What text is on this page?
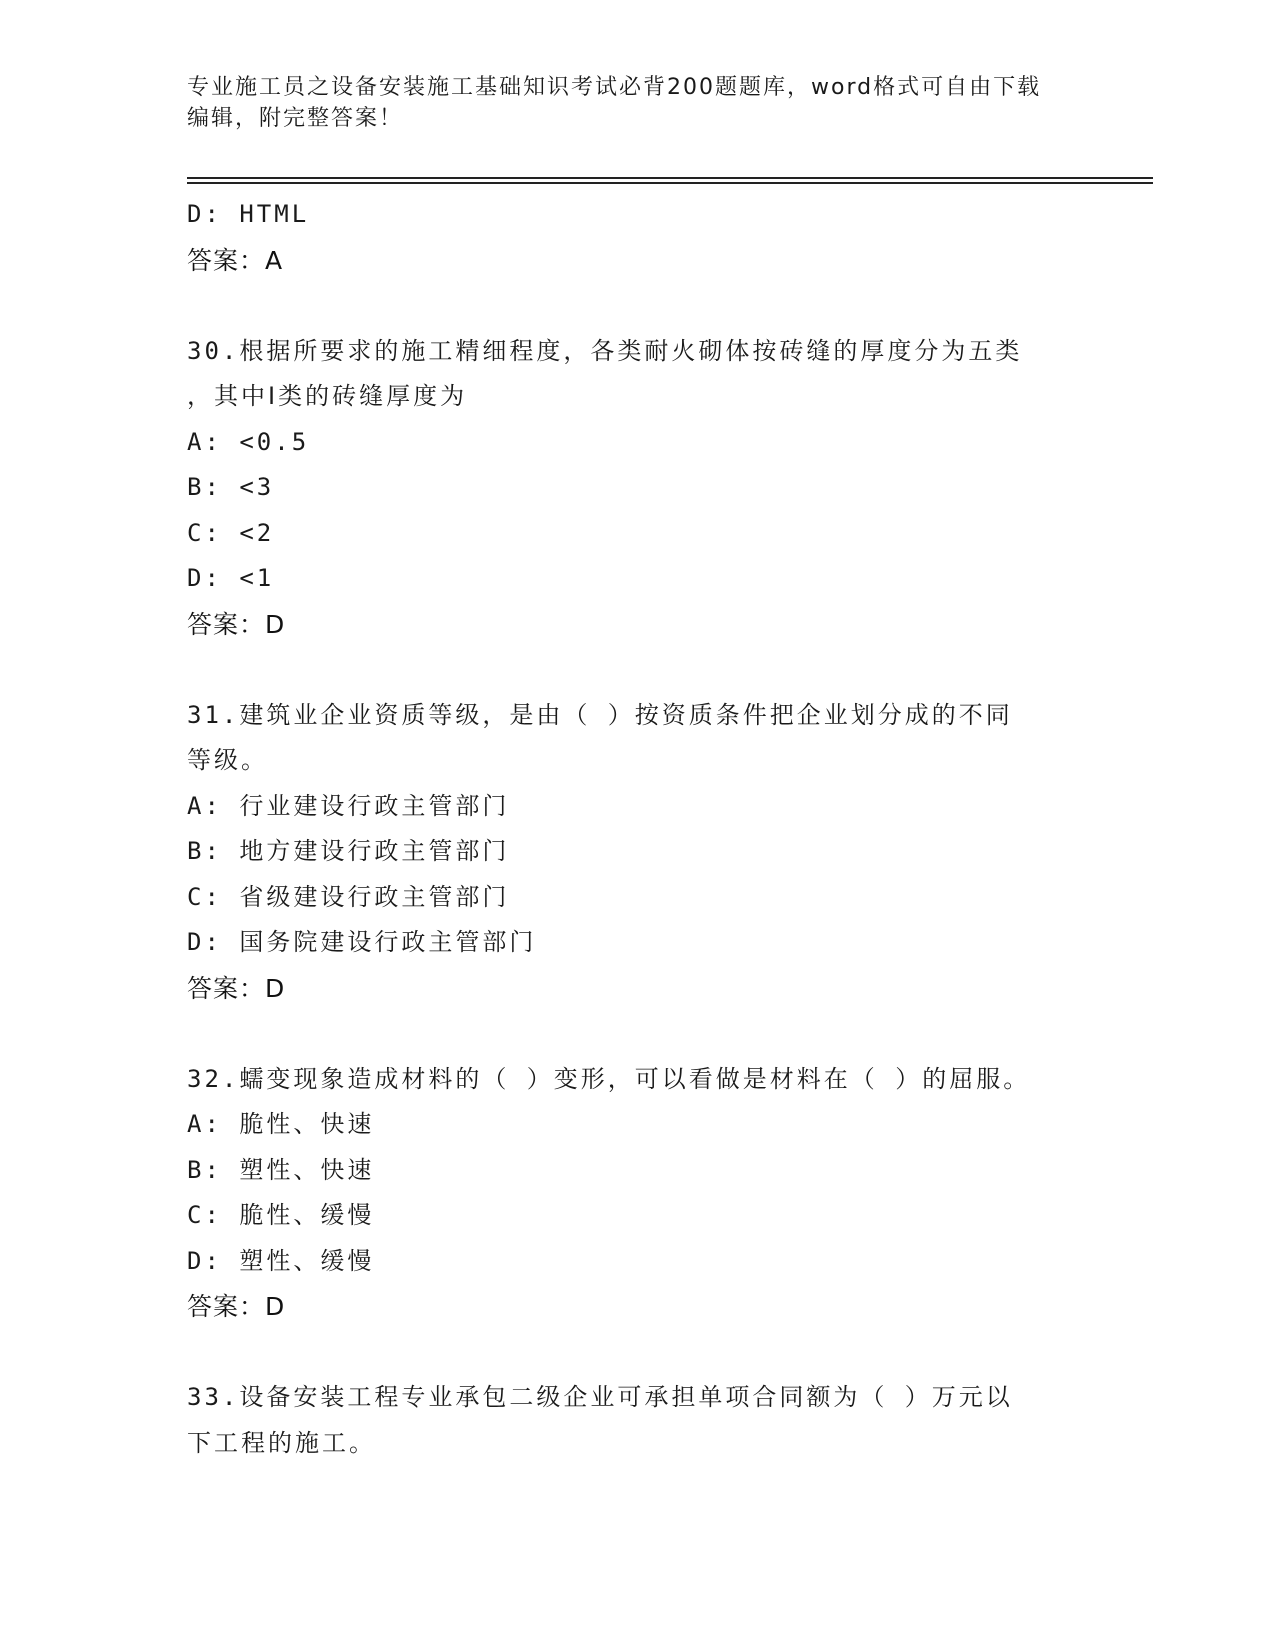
专业施工员之设备安装施工基础知识考试必背200题题库，word格式可自由下载
编辑，附完整答案！
D: HTML
答案：A
30.根据所要求的施工精细程度，各类耐火砌体按砖缝的厚度分为五类
，其中Ⅰ类的砖缝厚度为
A: <0.5
B: <3
C: <2
D: <1
答案：D
31.建筑业企业资质等级，是由（ ）按资质条件把企业划分成的不同
等级。
A: 行业建设行政主管部门
B: 地方建设行政主管部门
C: 省级建设行政主管部门
D: 国务院建设行政主管部门
答案：D
32.蠕变现象造成材料的（ ）变形，可以看做是材料在（ ）的屈服。
A: 脆性、快速
B: 塑性、快速
C: 脆性、缓慢
D: 塑性、缓慢
答案：D
33.设备安装工程专业承包二级企业可承担单项合同额为（ ）万元以
下工程的施工。
